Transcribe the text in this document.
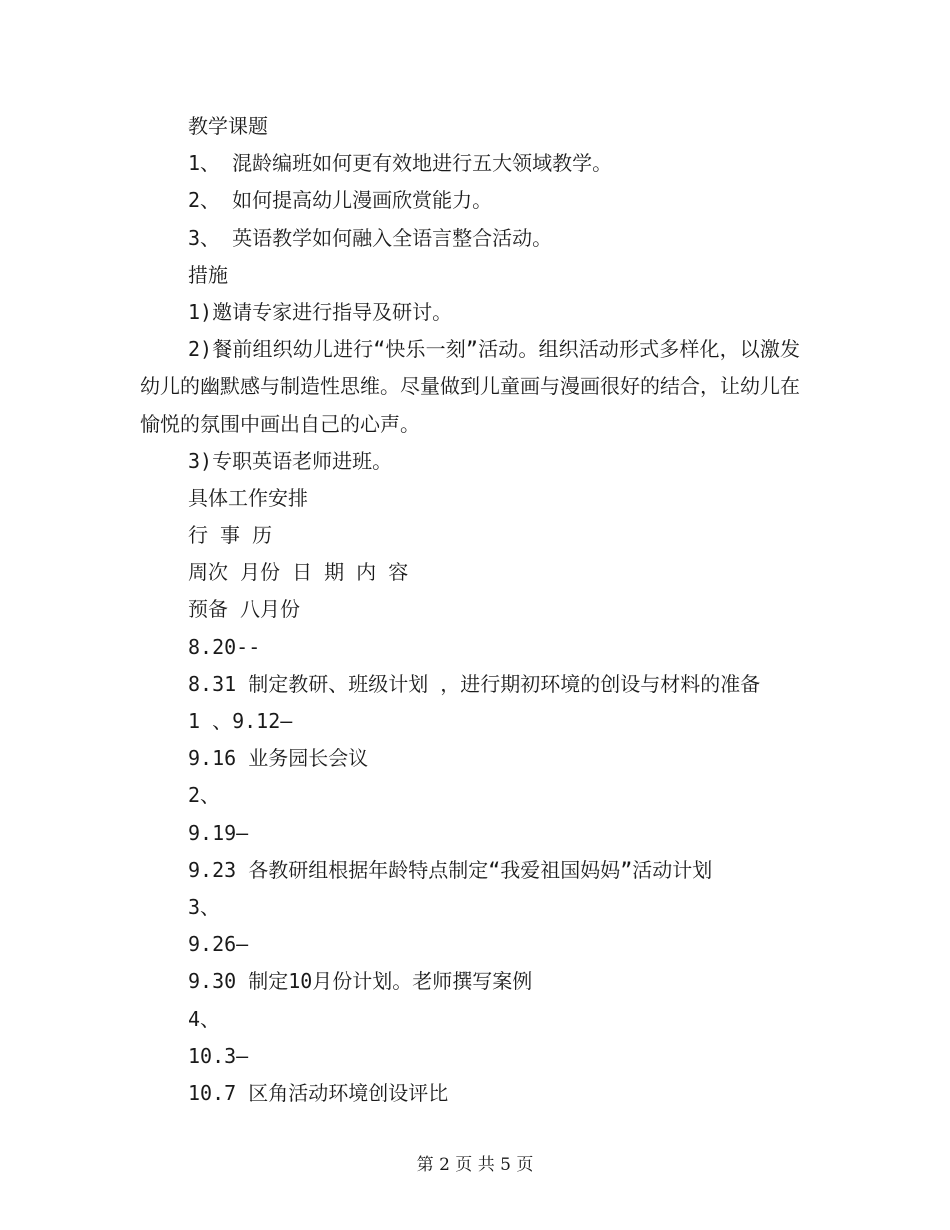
教学课题
1、 混龄编班如何更有效地进行五大领域教学。
2、 如何提高幼儿漫画欣赏能力。
3、 英语教学如何融入全语言整合活动。
措施
1)邀请专家进行指导及研讨。
2)餐前组织幼儿进行“快乐一刻”活动。组织活动形式多样化，以激发幼儿的幽默感与制造性思维。尽量做到儿童画与漫画很好的结合，让幼儿在愉悦的氛围中画出自己的心声。
3)专职英语老师进班。
具体工作安排
行 事 历
周次 月份 日 期 内 容
预备 八月份
8.20--
8.31 制定教研、班级计划 ，进行期初环境的创设与材料的准备
1 、9.12—
9.16 业务园长会议
2、
9.19—
9.23 各教研组根据年龄特点制定“我爱祖国妈妈”活动计划
3、
9.26—
9.30 制定10月份计划。老师撰写案例
4、
10.3—
10.7 区角活动环境创设评比
第 2 页 共 5 页
